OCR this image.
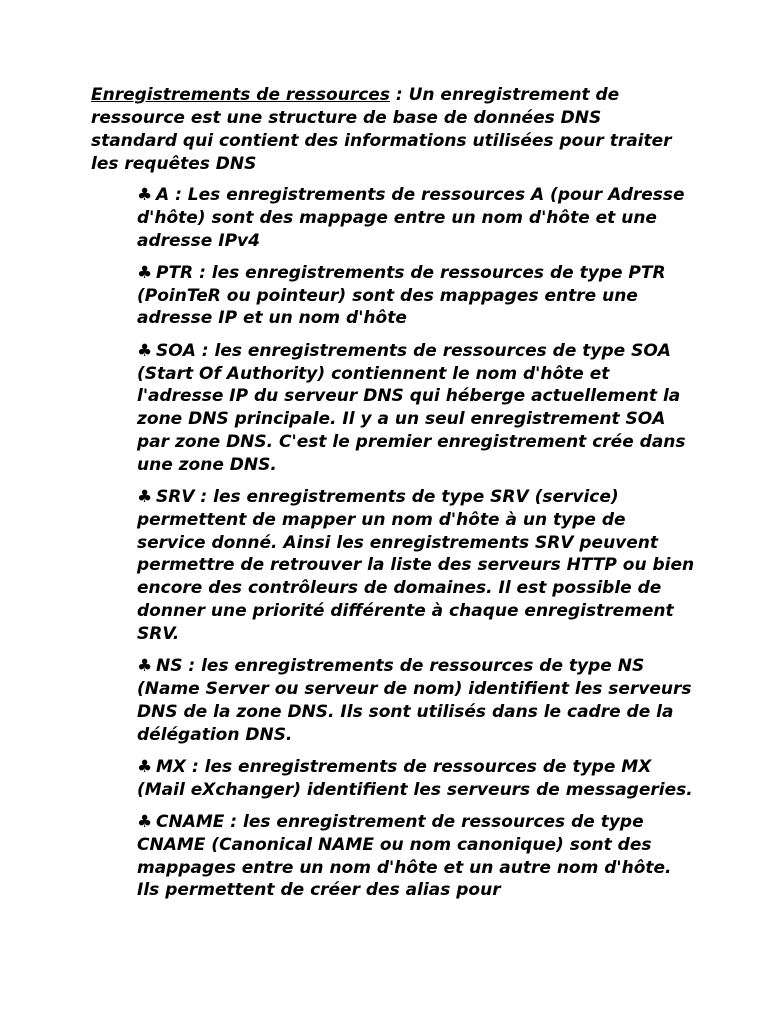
Enregistrements de ressources : Un enregistrement de ressource est une structure de base de données DNS standard qui contient des informations utilisées pour traiter les requêtes DNS

♣ A : Les enregistrements de ressources A (pour Adresse d'hôte) sont des mappage entre un nom d'hôte et une adresse IPv4
♣ PTR : les enregistrements de ressources de type PTR (PoinTeR ou pointeur) sont des mappages entre une adresse IP et un nom d'hôte
♣ SOA : les enregistrements de ressources de type SOA (Start Of Authority) contiennent le nom d'hôte et l'adresse IP du serveur DNS qui héberge actuellement la zone DNS principale. Il y a un seul enregistrement SOA par zone DNS. C'est le premier enregistrement crée dans une zone DNS.
♣ SRV : les enregistrements de type SRV (service) permettent de mapper un nom d'hôte à un type de service donné. Ainsi les enregistrements SRV peuvent permettre de retrouver la liste des serveurs HTTP ou bien encore des contrôleurs de domaines. Il est possible de donner une priorité différente à chaque enregistrement SRV.
♣ NS : les enregistrements de ressources de type NS (Name Server ou serveur de nom) identifient les serveurs DNS de la zone DNS. Ils sont utilisés dans le cadre de la délégation DNS.
♣ MX : les enregistrements de ressources de type MX (Mail eXchanger) identifient les serveurs de messageries.
♣ CNAME : les enregistrement de ressources de type CNAME (Canonical NAME ou nom canonique) sont des mappages entre un nom d'hôte et un autre nom d'hôte. Ils permettent de créer des alias pour
